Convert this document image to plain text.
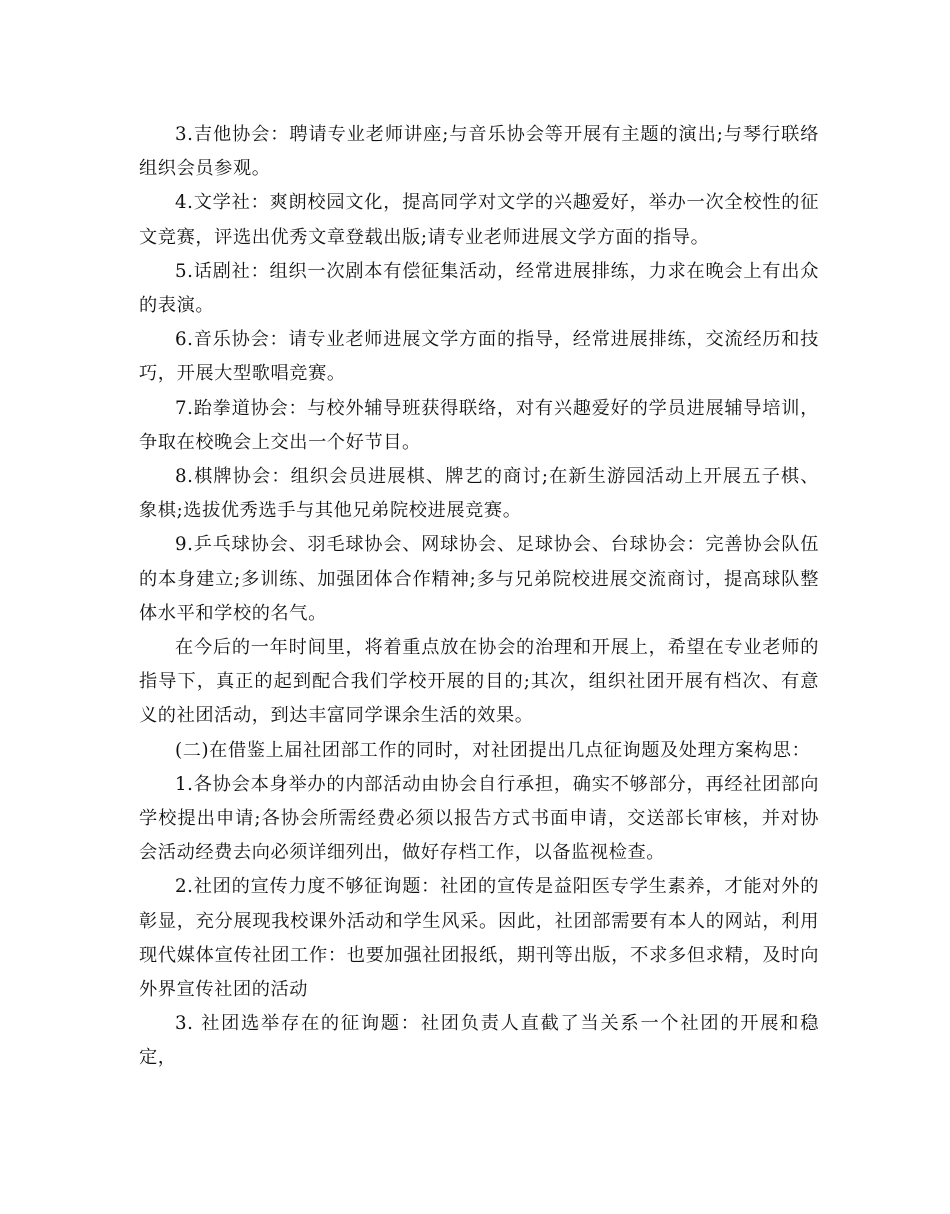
3.吉他协会：聘请专业老师讲座;与音乐协会等开展有主题的演出;与琴行联络组织会员参观。

4.文学社：爽朗校园文化，提高同学对文学的兴趣爱好，举办一次全校性的征文竞赛，评选出优秀文章登载出版;请专业老师进展文学方面的指导。

5.话剧社：组织一次剧本有偿征集活动，经常进展排练，力求在晚会上有出众的表演。

6.音乐协会：请专业老师进展文学方面的指导，经常进展排练，交流经历和技巧，开展大型歌唱竞赛。

7.跆拳道协会：与校外辅导班获得联络，对有兴趣爱好的学员进展辅导培训，争取在校晚会上交出一个好节目。

8.棋牌协会：组织会员进展棋、牌艺的商讨;在新生游园活动上开展五子棋、象棋;选拔优秀选手与其他兄弟院校进展竞赛。

9.乒乓球协会、羽毛球协会、网球协会、足球协会、台球协会：完善协会队伍的本身建立;多训练、加强团体合作精神;多与兄弟院校进展交流商讨，提高球队整体水平和学校的名气。

在今后的一年时间里，将着重点放在协会的治理和开展上，希望在专业老师的指导下，真正的起到配合我们学校开展的目的;其次，组织社团开展有档次、有意义的社团活动，到达丰富同学课余生活的效果。

(二)在借鉴上届社团部工作的同时，对社团提出几点征询题及处理方案构思：

1.各协会本身举办的内部活动由协会自行承担，确实不够部分，再经社团部向学校提出申请;各协会所需经费必须以报告方式书面申请，交送部长审核，并对协会活动经费去向必须详细列出，做好存档工作，以备监视检查。

2.社团的宣传力度不够征询题：社团的宣传是益阳医专学生素养，才能对外的彰显，充分展现我校课外活动和学生风采。因此，社团部需要有本人的网站，利用现代媒体宣传社团工作：也要加强社团报纸，期刊等出版，不求多但求精，及时向外界宣传社团的活动

3. 社团选举存在的征询题：社团负责人直截了当关系一个社团的开展和稳定，
